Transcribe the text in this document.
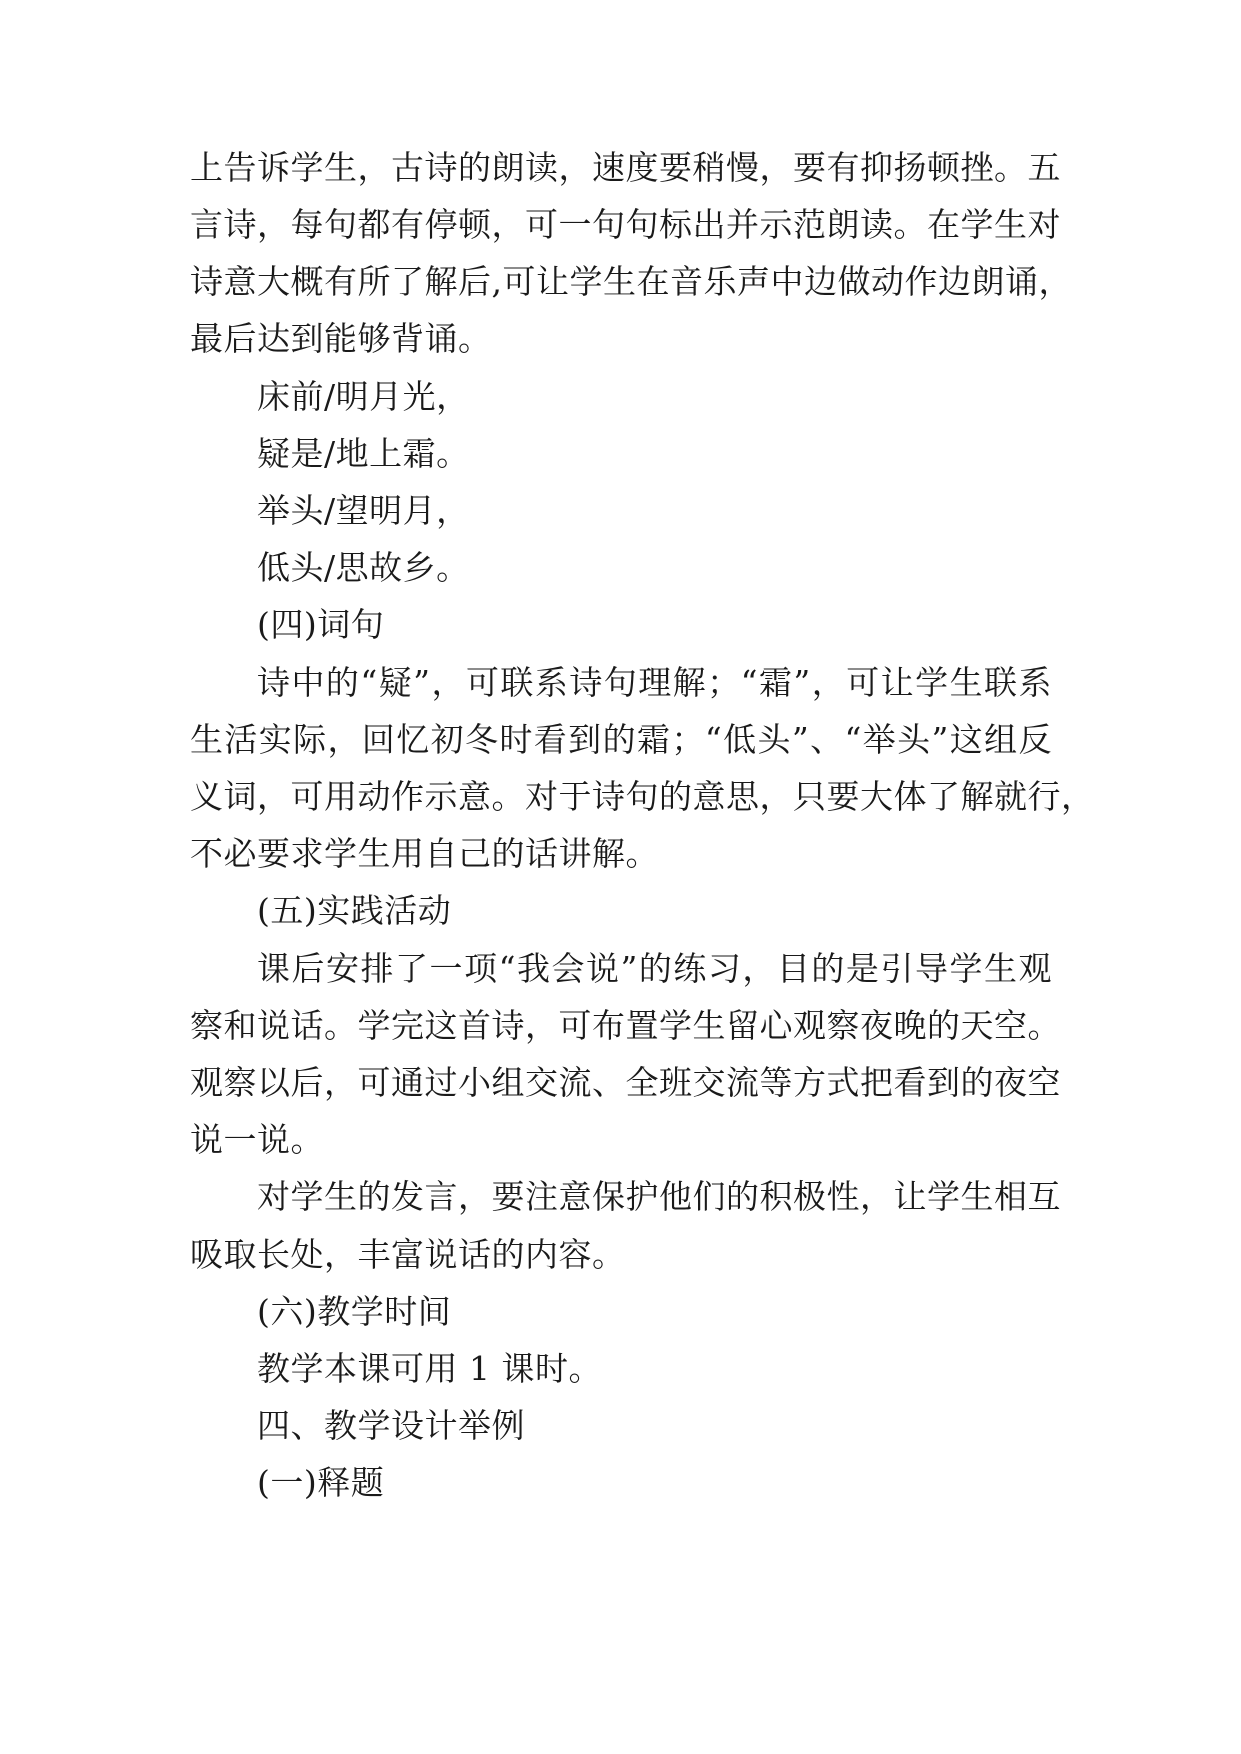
上告诉学生，古诗的朗读，速度要稍慢，要有抑扬顿挫。五
言诗，每句都有停顿，可一句句标出并示范朗读。在学生对
诗意大概有所了解后,可让学生在音乐声中边做动作边朗诵，
最后达到能够背诵。
床前/明月光，
疑是/地上霜。
举头/望明月，
低头/思故乡。
(四)词句
诗中的“疑”，可联系诗句理解；“霜”，可让学生联系
生活实际，回忆初冬时看到的霜；“低头”、“举头”这组反
义词，可用动作示意。对于诗句的意思，只要大体了解就行，
不必要求学生用自己的话讲解。
(五)实践活动
课后安排了一项“我会说”的练习，目的是引导学生观
察和说话。学完这首诗，可布置学生留心观察夜晚的天空。
观察以后，可通过小组交流、全班交流等方式把看到的夜空
说一说。
对学生的发言，要注意保护他们的积极性，让学生相互
吸取长处，丰富说话的内容。
(六)教学时间
教学本课可用 1 课时。
四、教学设计举例
(一)释题
